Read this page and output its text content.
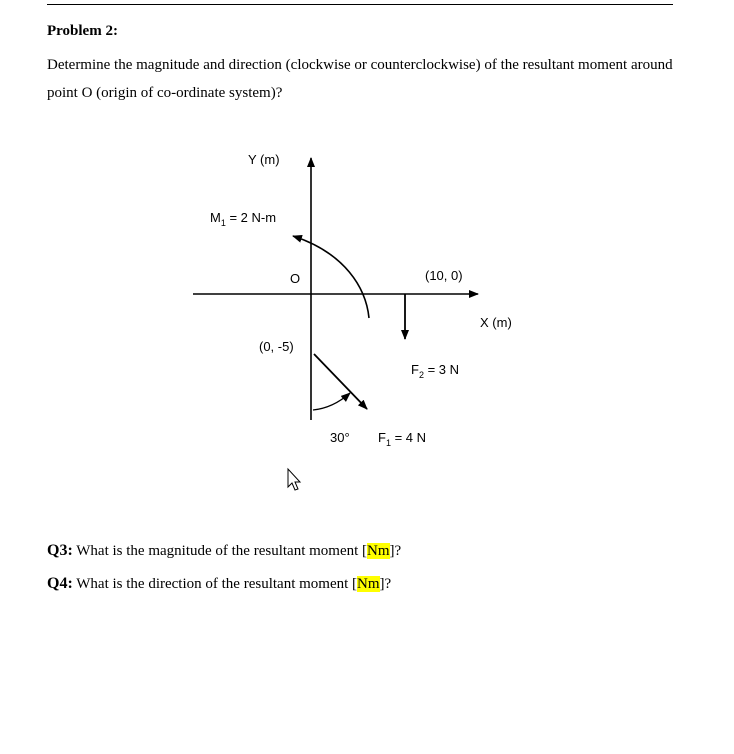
Problem 2:

Determine the magnitude and direction (clockwise or counterclockwise) of the resultant moment around point O (origin of co-ordinate system)?

Y (m)
$M_1 = 2$ N-m
O	(10, 0)
X (m)
(0, -5)
$F_2 = 3$ N
30° $F_1 = 4$ N

Q3: What is the magnitude of the resultant moment [Nm]?

Q4: What is the direction of the resultant moment [Nm]?
